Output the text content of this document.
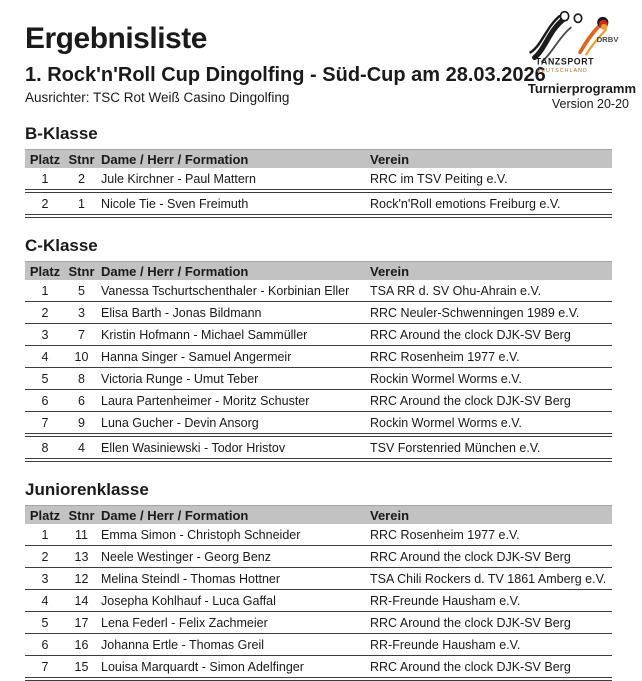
Ergebnisliste
1. Rock'n'Roll Cup Dingolfing - Süd-Cup am 28.03.2026
Ausrichter: TSC Rot Weiß Casino Dingolfing
DRBV
TANZSPORT
DEUTSCHLAND
Turnierprogramm
Version 20-20
B-Klasse
Platz Stnr Dame / Herr / Formation	Verein
1	2	Jule Kirchner - Paul Mattern	RRC im TSV Peiting e.V.
2	1	Nicole Tie - Sven Freimuth	Rock'n'Roll emotions Freiburg e.V.
C-Klasse
Platz Stnr Dame / Herr / Formation	Verein
1	5	Vanessa Tschurtschenthaler - Korbinian Eller	TSA RR d. SV Ohu-Ahrain e.V.
2	3	Elisa Barth - Jonas Bildmann	RRC Neuler-Schwenningen 1989 e.V.
3	7	Kristin Hofmann - Michael Sammüller	RRC Around the clock DJK-SV Berg
4	10	Hanna Singer - Samuel Angermeir	RRC Rosenheim 1977 e.V.
5	8	Victoria Runge - Umut Teber	Rockin Wormel Worms e.V.
6	6	Laura Partenheimer - Moritz Schuster	RRC Around the clock DJK-SV Berg
7	9	Luna Gucher - Devin Ansorg	Rockin Wormel Worms e.V.
8	4	Ellen Wasiniewski - Todor Hristov	TSV Forstenried München e.V.
Juniorenklasse
Platz Stnr Dame / Herr / Formation	Verein
1	11	Emma Simon - Christoph Schneider	RRC Rosenheim 1977 e.V.
2	13	Neele Westinger - Georg Benz	RRC Around the clock DJK-SV Berg
3	12	Melina Steindl - Thomas Hottner	TSA Chili Rockers d. TV 1861 Amberg e.V.
4	14	Josepha Kohlhauf - Luca Gaffal	RR-Freunde Hausham e.V.
5	17	Lena Federl - Felix Zachmeier	RRC Around the clock DJK-SV Berg
6	16	Johanna Ertle - Thomas Greil	RR-Freunde Hausham e.V.
7	15	Louisa Marquardt - Simon Adelfinger	RRC Around the clock DJK-SV Berg
